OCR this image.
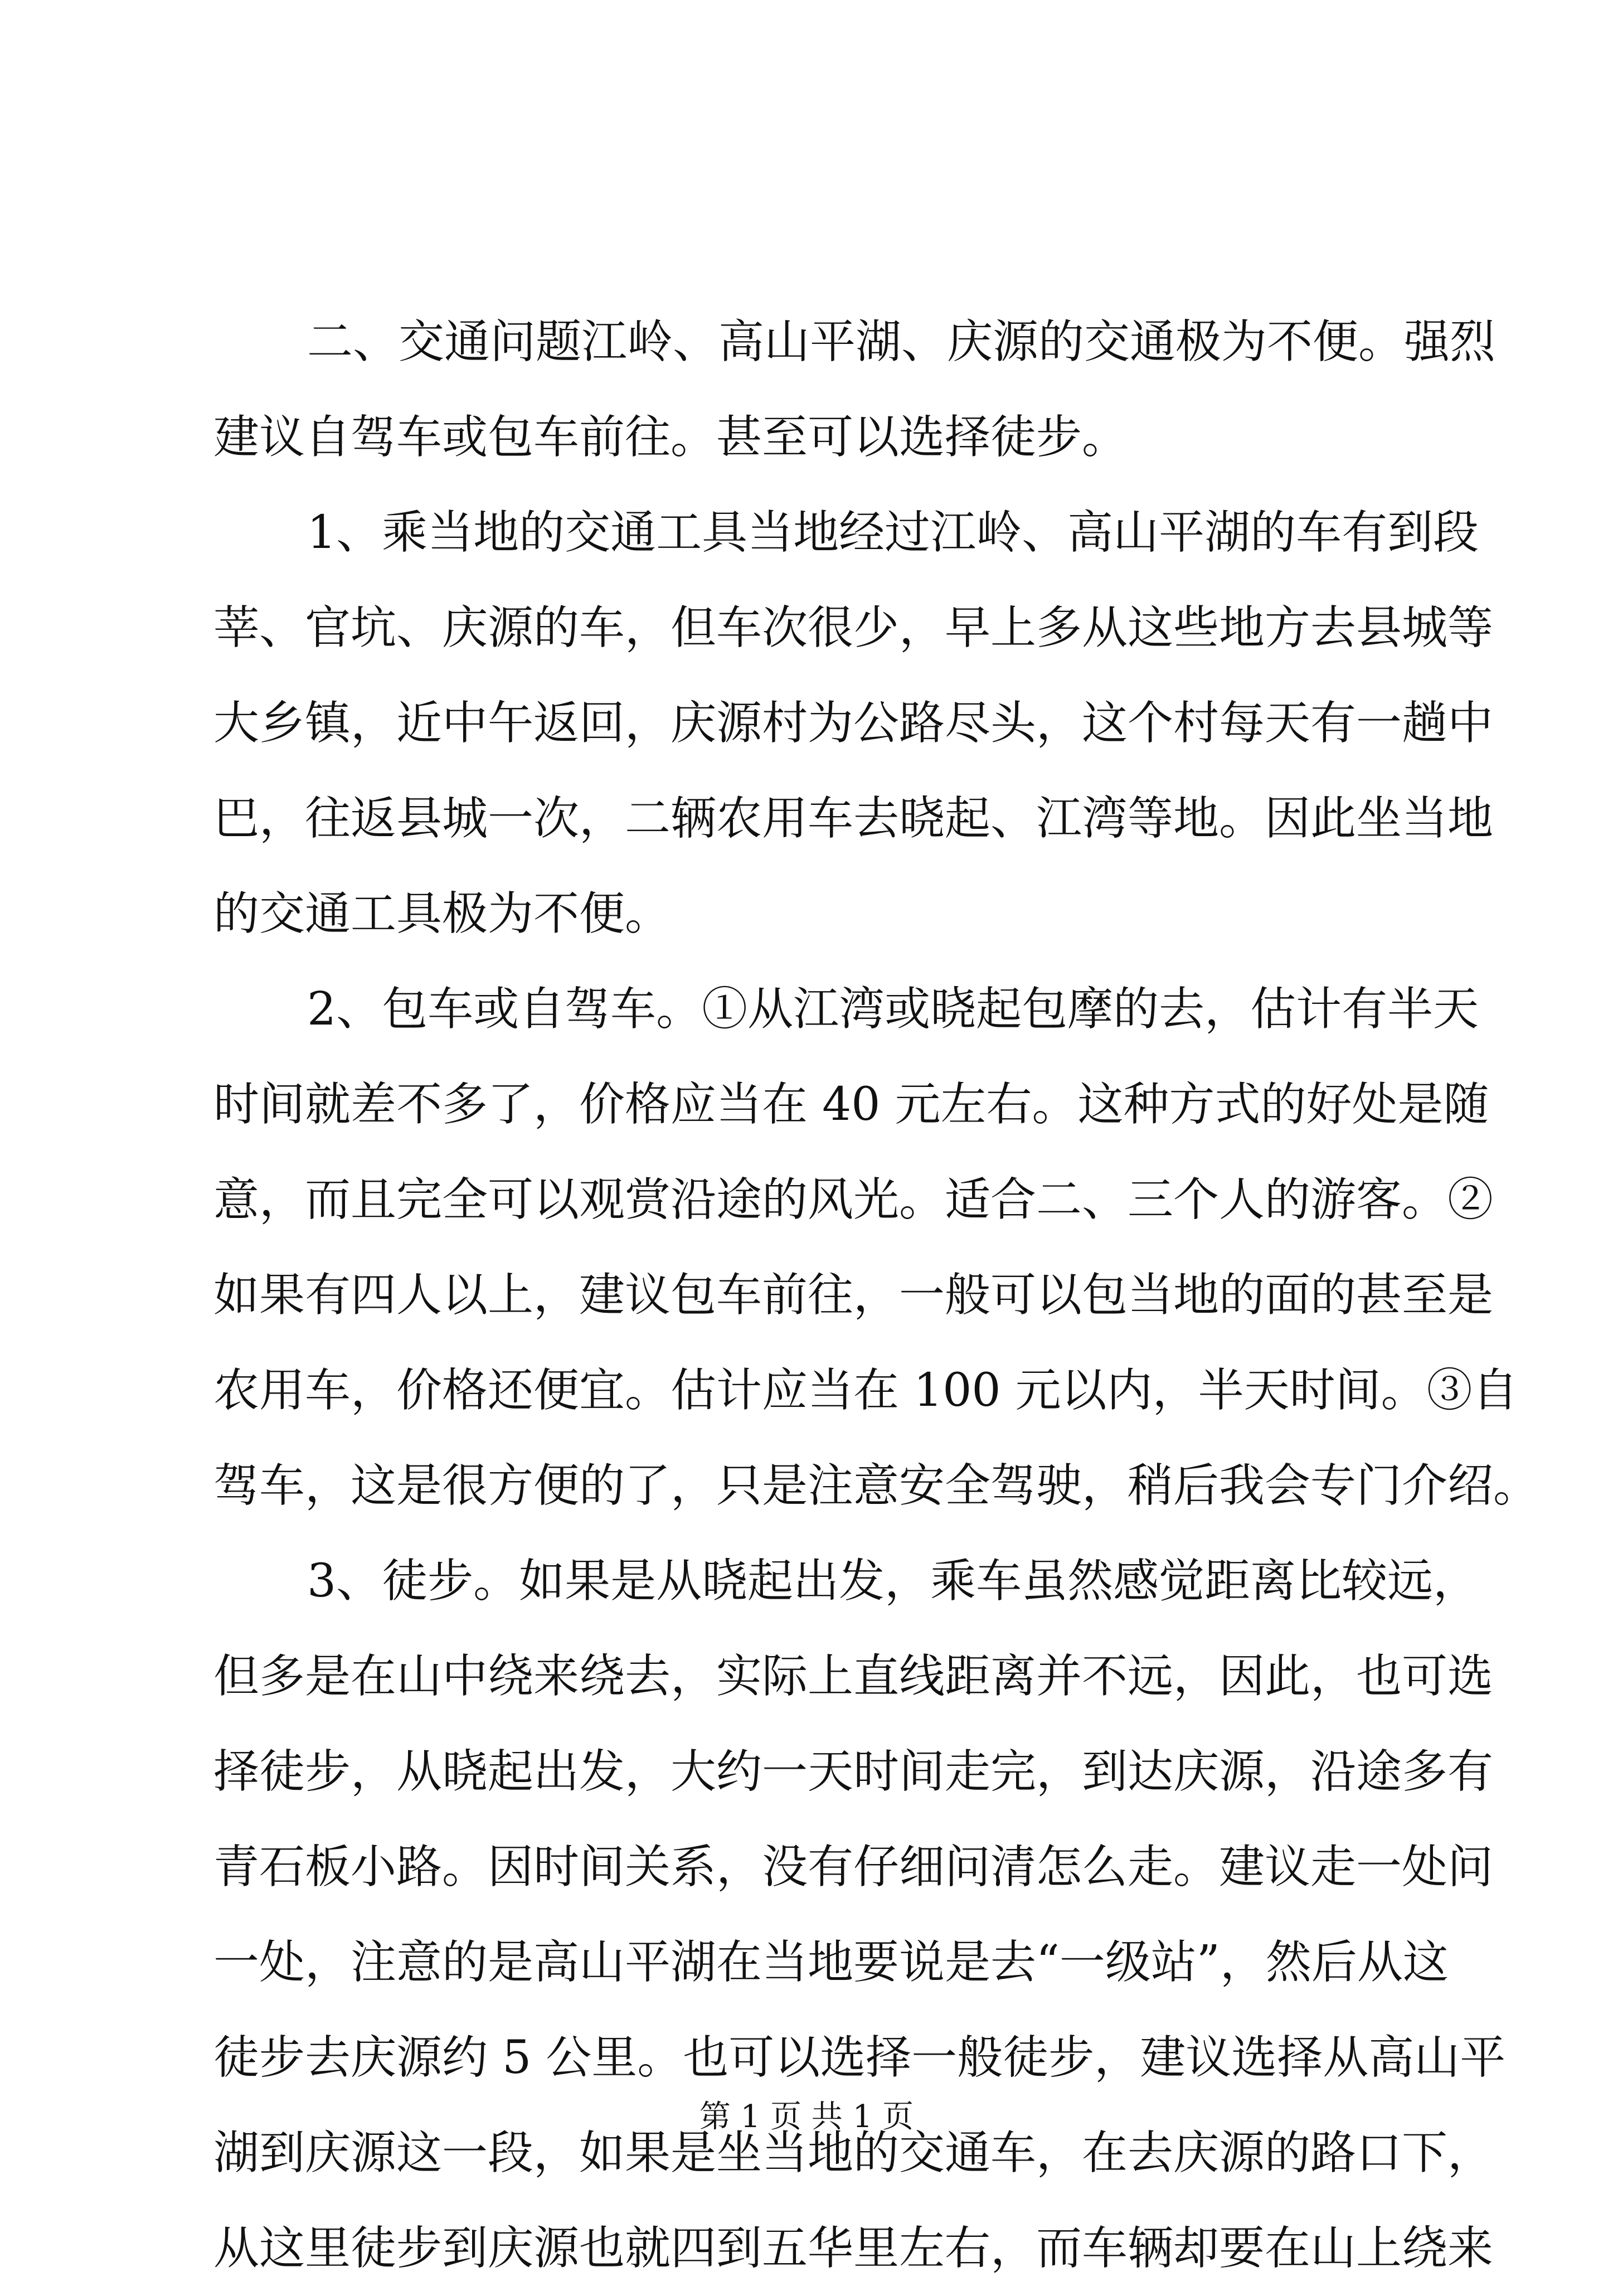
二、交通问题江岭、高山平湖、庆源的交通极为不便。强烈
建议自驾车或包车前往。甚至可以选择徒步。
1、乘当地的交通工具当地经过江岭、高山平湖的车有到段
莘、官坑、庆源的车，但车次很少，早上多从这些地方去县城等
大乡镇，近中午返回，庆源村为公路尽头，这个村每天有一趟中
巴，往返县城一次，二辆农用车去晓起、江湾等地。因此坐当地
的交通工具极为不便。
2、包车或自驾车。①从江湾或晓起包摩的去，估计有半天
时间就差不多了，价格应当在 40 元左右。这种方式的好处是随
意，而且完全可以观赏沿途的风光。适合二、三个人的游客。②
如果有四人以上，建议包车前往，一般可以包当地的面的甚至是
农用车，价格还便宜。估计应当在 100 元以内，半天时间。③自
驾车，这是很方便的了，只是注意安全驾驶，稍后我会专门介绍。
3、徒步。如果是从晓起出发，乘车虽然感觉距离比较远，
但多是在山中绕来绕去，实际上直线距离并不远，因此，也可选
择徒步，从晓起出发，大约一天时间走完，到达庆源，沿途多有
青石板小路。因时间关系，没有仔细问清怎么走。建议走一处问
一处，注意的是高山平湖在当地要说是去“一级站”，然后从这
徒步去庆源约 5 公里。也可以选择一般徒步，建议选择从高山平
湖到庆源这一段，如果是坐当地的交通车，在去庆源的路口下，
从这里徒步到庆源也就四到五华里左右，而车辆却要在山上绕来
第 1 页 共 1 页
